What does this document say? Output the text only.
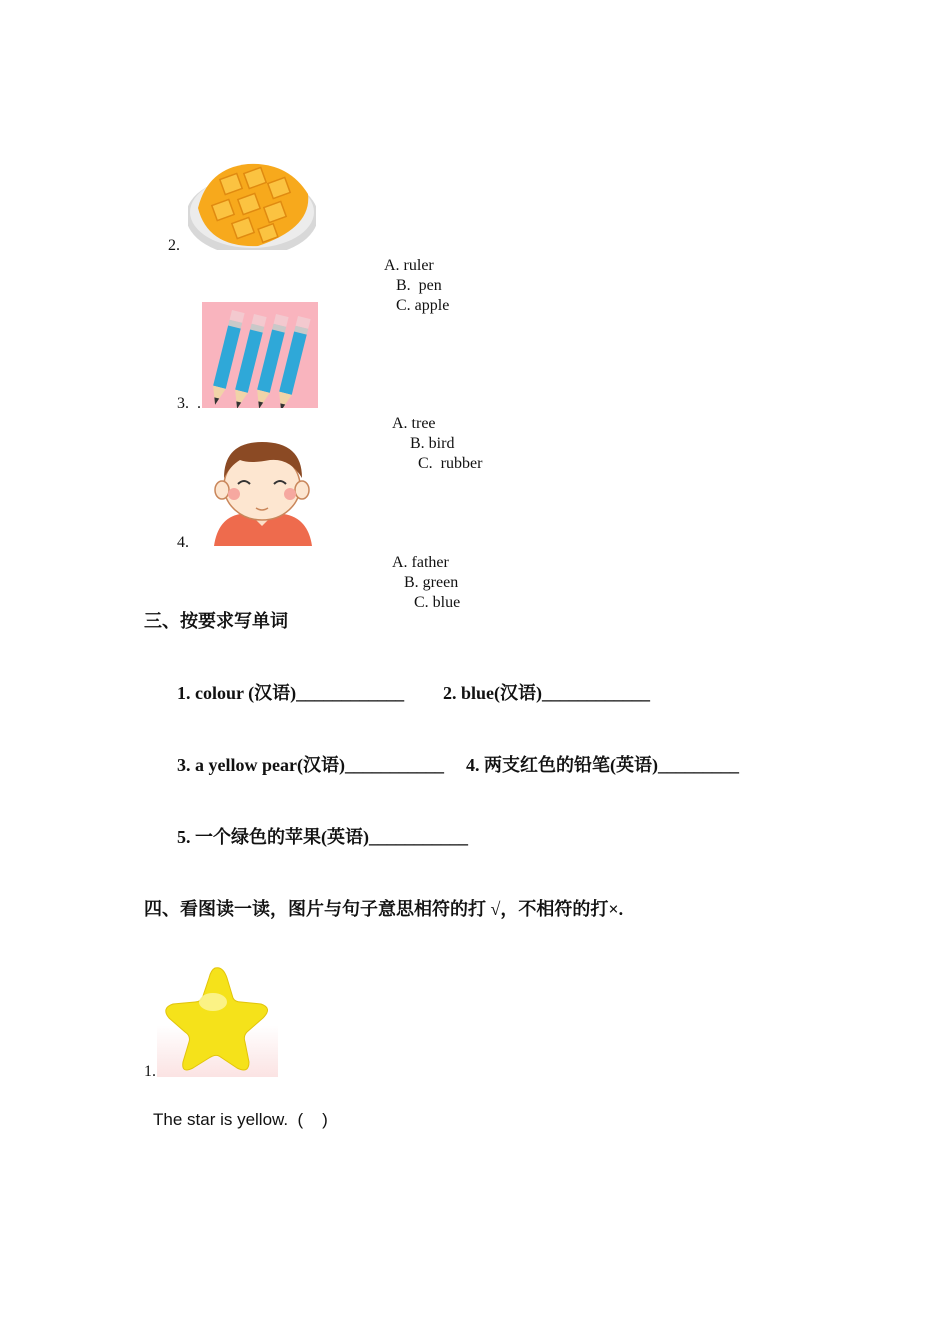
2.

A. ruler
B.  pen
C. apple

3.  .

A. tree
B. bird
C.  rubber

4.

A. father
B. green
C. blue

三、按要求写单词
1. colour (汉语)____________ 2. blue(汉语)____________
3. a yellow pear(汉语)___________ 4. 两支红色的铅笔(英语)_________
5. 一个绿色的苹果(英语)___________
四、看图读一读，图片与句子意思相符的打 √，不相符的打×.
1.
The star is yellow.  (    )
